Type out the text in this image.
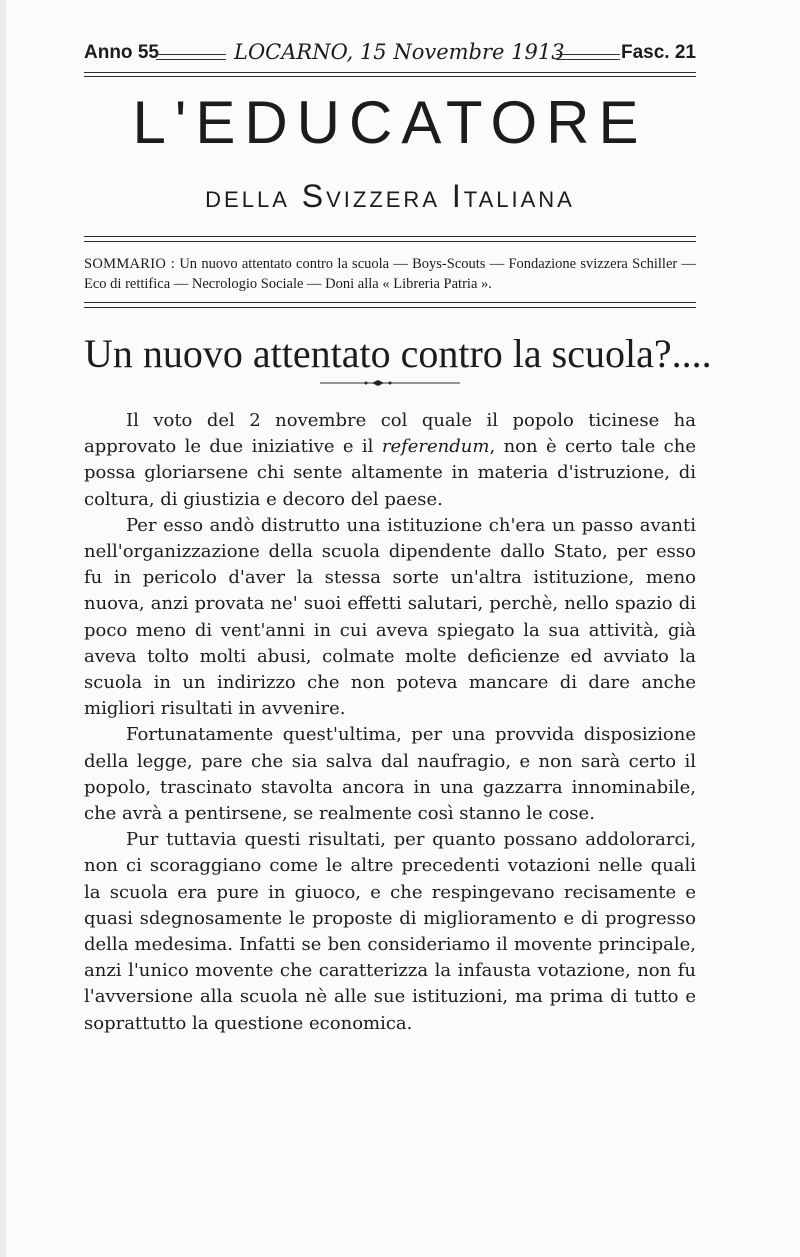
Anno 55	LOCARNO, 15 Novembre 1913	Fasc. 21
L'EDUCATORE
della Svizzera Italiana
SOMMARIO : Un nuovo attentato contro la scuola — Boys-Scouts — Fondazione svizzera Schiller — Eco di rettifica — Necrologio Sociale — Doni alla « Libreria Patria ».
Un nuovo attentato contro la scuola?....

Il voto del 2 novembre col quale il popolo ticinese ha approvato le due iniziative e il referendum, non è certo tale che possa gloriarsene chi sente altamente in materia d'istruzione, di coltura, di giustizia e decoro del paese.

Per esso andò distrutto una istituzione ch'era un passo avanti nell'organizzazione della scuola dipendente dallo Stato, per esso fu in pericolo d'aver la stessa sorte un'altra istituzione, meno nuova, anzi provata ne' suoi effetti salutari, perchè, nello spazio di poco meno di vent'anni in cui aveva spiegato la sua attività, già aveva tolto molti abusi, colmate molte deficienze ed avviato la scuola in un indirizzo che non poteva mancare di dare anche migliori risultati in avvenire.

Fortunatamente quest'ultima, per una provvida disposizione della legge, pare che sia salva dal naufragio, e non sarà certo il popolo, trascinato stavolta ancora in una gazzarra innominabile, che avrà a pentirsene, se realmente così stanno le cose.

Pur tuttavia questi risultati, per quanto possano addolorarci, non ci scoraggiano come le altre precedenti votazioni nelle quali la scuola era pure in giuoco, e che respingevano recisamente e quasi sdegnosamente le proposte di miglioramento e di progresso della medesima. Infatti se ben consideriamo il movente principale, anzi l'unico movente che caratterizza la infausta votazione, non fu l'avversione alla scuola nè alle sue istituzioni, ma prima di tutto e soprattutto la questione economica.
